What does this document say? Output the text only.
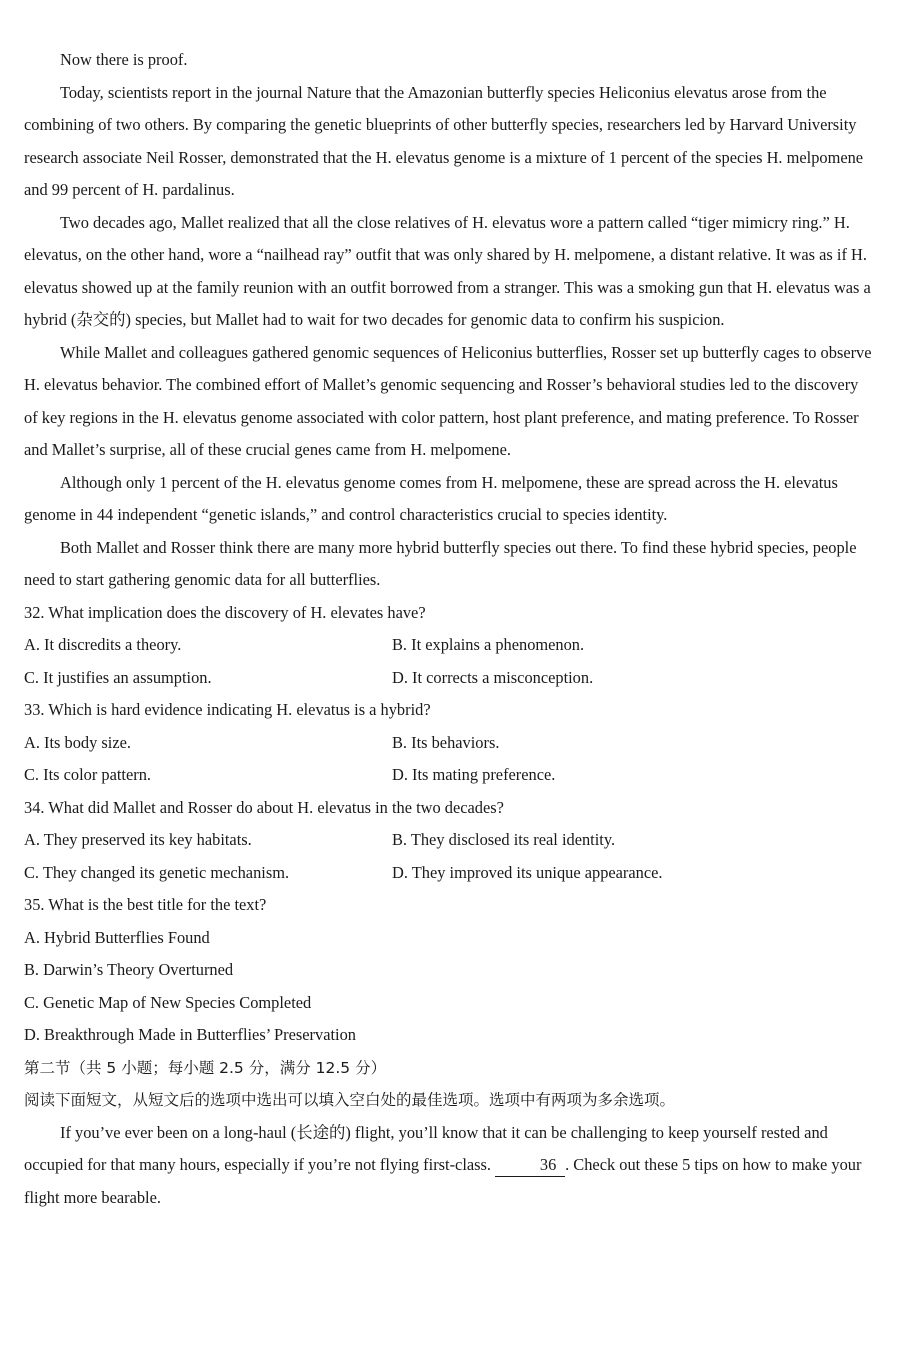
Now there is proof.

Today, scientists report in the journal Nature that the Amazonian butterfly species Heliconius elevatus arose from the combining of two others. By comparing the genetic blueprints of other butterfly species, researchers led by Harvard University research associate Neil Rosser, demonstrated that the H. elevatus genome is a mixture of 1 percent of the species H. melpomene and 99 percent of H. pardalinus.

Two decades ago, Mallet realized that all the close relatives of H. elevatus wore a pattern called “tiger mimicry ring.” H. elevatus, on the other hand, wore a “nailhead ray” outfit that was only shared by H. melpomene, a distant relative. It was as if H. elevatus showed up at the family reunion with an outfit borrowed from a stranger. This was a smoking gun that H. elevatus was a hybrid (杂交的) species, but Mallet had to wait for two decades for genomic data to confirm his suspicion.

While Mallet and colleagues gathered genomic sequences of Heliconius butterflies, Rosser set up butterfly cages to observe H. elevatus behavior. The combined effort of Mallet’s genomic sequencing and Rosser’s behavioral studies led to the discovery of key regions in the H. elevatus genome associated with color pattern, host plant preference, and mating preference. To Rosser and Mallet’s surprise, all of these crucial genes came from H. melpomene.

Although only 1 percent of the H. elevatus genome comes from H. melpomene, these are spread across the H. elevatus genome in 44 independent “genetic islands,” and control characteristics crucial to species identity.

Both Mallet and Rosser think there are many more hybrid butterfly species out there. To find these hybrid species, people need to start gathering genomic data for all butterflies.

32. What implication does the discovery of H. elevates have?

A. It discredits a theory.	B. It explains a phenomenon.
C. It justifies an assumption.	D. It corrects a misconception.

33. Which is hard evidence indicating H. elevatus is a hybrid?

A. Its body size.	B. Its behaviors.
C. Its color pattern.	D. Its mating preference.

34. What did Mallet and Rosser do about H. elevatus in the two decades?

A. They preserved its key habitats.	B. They disclosed its real identity.
C. They changed its genetic mechanism.	D. They improved its unique appearance.

35. What is the best title for the text?

A. Hybrid Butterflies Found

B. Darwin’s Theory Overturned

C. Genetic Map of New Species Completed

D. Breakthrough Made in Butterflies’ Preservation

第二节（共 5 小题；每小题 2.5 分，满分 12.5 分）

阅读下面短文，从短文后的选项中选出可以填入空白处的最佳选项。选项中有两项为多余选项。

If you’ve ever been on a long-haul (长途的) flight, you’ll know that it can be challenging to keep yourself rested and occupied for that many hours, especially if you’re not flying first-class.	36 . Check out these 5 tips on how to make your flight more bearable.
